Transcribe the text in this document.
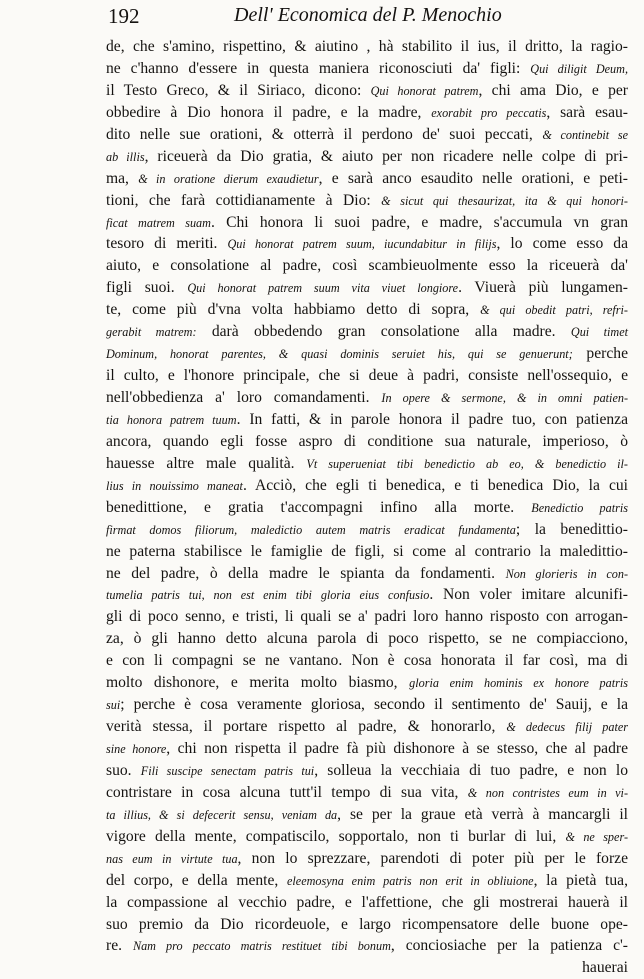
192	Dell' Economica del P. Menochio
de, che s'amino, rispettino, & aiutino , hà stabilito il ius, il dritto, la ragio-
ne c'hanno d'essere in questa maniera riconosciuti da' figli: Qui diligit Deum,
il Testo Greco, & il Siriaco, dicono: Qui honorat patrem, chi ama Dio, e per
obbedire à Dio honora il padre, e la madre, exorabit pro peccatis, sarà esau-
dito nelle sue orationi, & otterrà il perdono de' suoi peccati, & continebit se
ab illis, riceuerà da Dio gratia, & aiuto per non ricadere nelle colpe di pri-
ma, & in oratione dierum exaudietur, e sarà anco esaudito nelle orationi, e peti-
tioni, che farà cottidianamente à Dio: & sicut qui thesaurizat, ita & qui honori-
ficat matrem suam. Chi honora li suoi padre, e madre, s'accumula vn gran
tesoro di meriti. Qui honorat patrem suum, iucundabitur in filijs, lo come esso da
aiuto, e consolatione al padre, così scambieuolmente esso la riceuerà da'
figli suoi. Qui honorat patrem suum vita viuet longiore. Viuerà più lungamen-
te, come più d'vna volta habbiamo detto di sopra, & qui obedit patri, refri-
gerabit matrem: darà obbedendo gran consolatione alla madre. Qui timet
Dominum, honorat parentes, & quasi dominis seruiet his, qui se genuerunt; perche
il culto, e l'honore principale, che si deue à padri, consiste nell'ossequio, e
nell'obbedienza a' loro comandamenti. In opere & sermone, & in omni patien-
tia honora patrem tuum. In fatti, & in parole honora il padre tuo, con patienza
ancora, quando egli fosse aspro di conditione sua naturale, imperioso, ò
hauesse altre male qualità. Vt superueniat tibi benedictio ab eo, & benedictio il-
lius in nouissimo maneat. Acciò, che egli ti benedica, e ti benedica Dio, la cui
benedittione, e gratia t'accompagni infino alla morte. Benedictio patris
firmat domos filiorum, maledictio autem matris eradicat fundamenta; la benedittio-
ne paterna stabilisce le famiglie de figli, si come al contrario la maledittio-
ne del padre, ò della madre le spianta da fondamenti. Non glorieris in con-
tumelia patris tui, non est enim tibi gloria eius confusio. Non voler imitare alcunifi-
gli di poco senno, e tristi, li quali se a' padri loro hanno risposto con arrogan-
za, ò gli hanno detto alcuna parola di poco rispetto, se ne compiacciono,
e con li compagni se ne vantano. Non è cosa honorata il far così, ma di
molto dishonore, e merita molto biasmo, gloria enim hominis ex honore patris
sui; perche è cosa veramente gloriosa, secondo il sentimento de' Sauij, e la
verità stessa, il portare rispetto al padre, & honorarlo, & dedecus filij pater
sine honore, chi non rispetta il padre fà più dishonore à se stesso, che al padre
suo. Fili suscipe senectam patris tui, solleua la vecchiaia di tuo padre, e non lo
contristare in cosa alcuna tutt'il tempo di sua vita, & non contristes eum in vi-
ta illius, & si defecerit sensu, veniam da, se per la graue età verrà à mancargli il
vigore della mente, compatiscilo, sopportalo, non ti burlar di lui, & ne sper-
nas eum in virtute tua, non lo sprezzare, parendoti di poter più per le forze
del corpo, e della mente, eleemosyna enim patris non erit in obliuione, la pietà tua,
la compassione al vecchio padre, e l'affettione, che gli mostrerai hauerà il
suo premio da Dio ricordeuole, e largo ricompensatore delle buone ope-
re. Nam pro peccato matris restituet tibi bonum, conciosiache per la patienza c'-
hauerai
